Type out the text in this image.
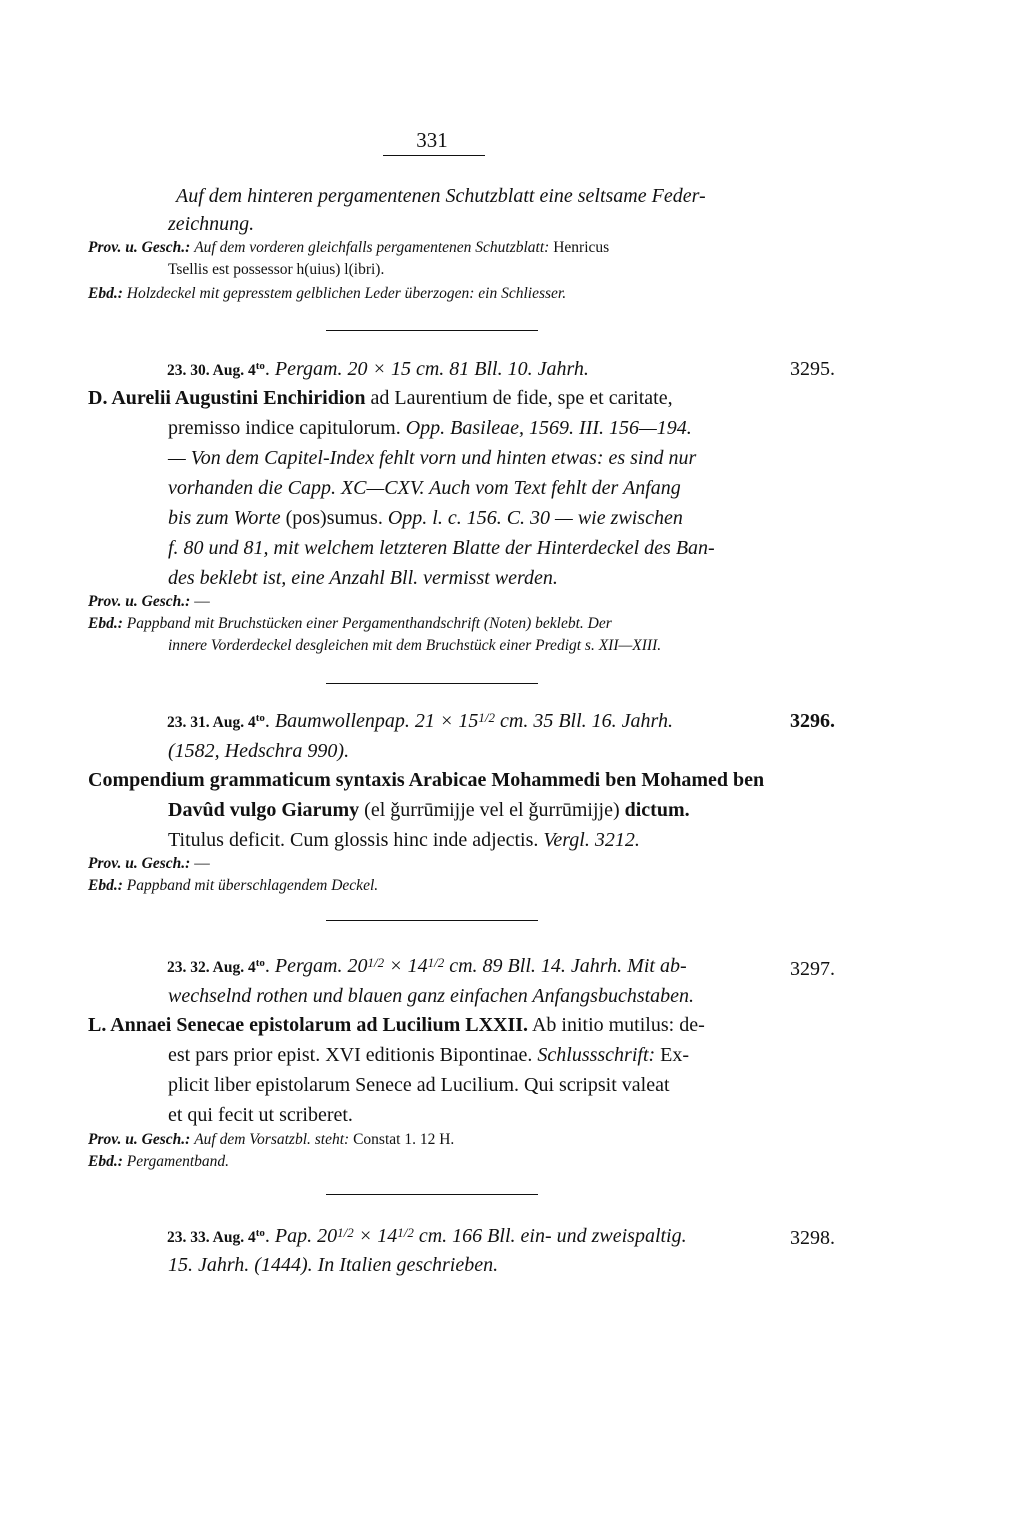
331
Auf dem hinteren pergamentenen Schutzblatt eine seltsame Feder-
zeichnung.
Prov. u. Gesch.: Auf dem vorderen gleichfalls pergamentenen Schutzblatt: Henricus
Tsellis est possessor h(uius) l(ibri).
Ebd.: Holzdeckel mit gepresstem gelblichen Leder überzogen: ein Schliesser.
23. 30. Aug. $4^{to}$. Pergam. 20 × 15 cm. 81 Bll. 10. Jahrh.	3295.
D. Aurelii Augustini Enchiridion ad Laurentium de fide, spe et caritate,
premisso indice capitulorum. Opp. Basileae, 1569. III. 156—194.
— Von dem Capitel-Index fehlt vorn und hinten etwas: es sind nur
vorhanden die Capp. XC—CXV. Auch vom Text fehlt der Anfang
bis zum Worte (pos)sumus. Opp. l. c. 156. C. 30 — wie zwischen
f. 80 und 81, mit welchem letzteren Blatte der Hinterdeckel des Ban-
des beklebt ist, eine Anzahl Bll. vermisst werden.
Prov. u. Gesch.: —
Ebd.: Pappband mit Bruchstücken einer Pergamenthandschrift (Noten) beklebt. Der
innere Vorderdeckel desgleichen mit dem Bruchstück einer Predigt s. XII—XIII.
23. 31. Aug. $4^{to}$. Baumwollenpap. $21 \times 15^{1/2}$ cm. 35 Bll. 16. Jahrh.	3296.
(1582, Hedschra 990).
Compendium grammaticum syntaxis Arabicae Mohammedi ben Mohamed ben
Davûd vulgo Giarumy (el ǧurrūmijje vel el ǧurrūmijje) dictum.
Titulus deficit. Cum glossis hinc inde adjectis. Vergl. 3212.
Prov. u. Gesch.: —
Ebd.: Pappband mit überschlagendem Deckel.
23. 32. Aug. $4^{to}$. Pergam. $20^{1/2} \times 14^{1/2}$ cm. 89 Bll. 14. Jahrh. Mit ab-	3297.
wechselnd rothen und blauen ganz einfachen Anfangsbuchstaben.
L. Annaei Senecae epistolarum ad Lucilium LXXII. Ab initio mutilus: de-
est pars prior epist. XVI editionis Bipontinae. Schlussschrift: Ex-
plicit liber epistolarum Senece ad Lucilium. Qui scripsit valeat
et qui fecit ut scriberet.
Prov. u. Gesch.: Auf dem Vorsatzbl. steht: Constat 1. 12 H.
Ebd.: Pergamentband.
23. 33. Aug. $4^{to}$. Pap. $20^{1/2} \times 14^{1/2}$ cm. 166 Bll. ein- und zweispaltig.	3298.
15. Jahrh. (1444). In Italien geschrieben.
